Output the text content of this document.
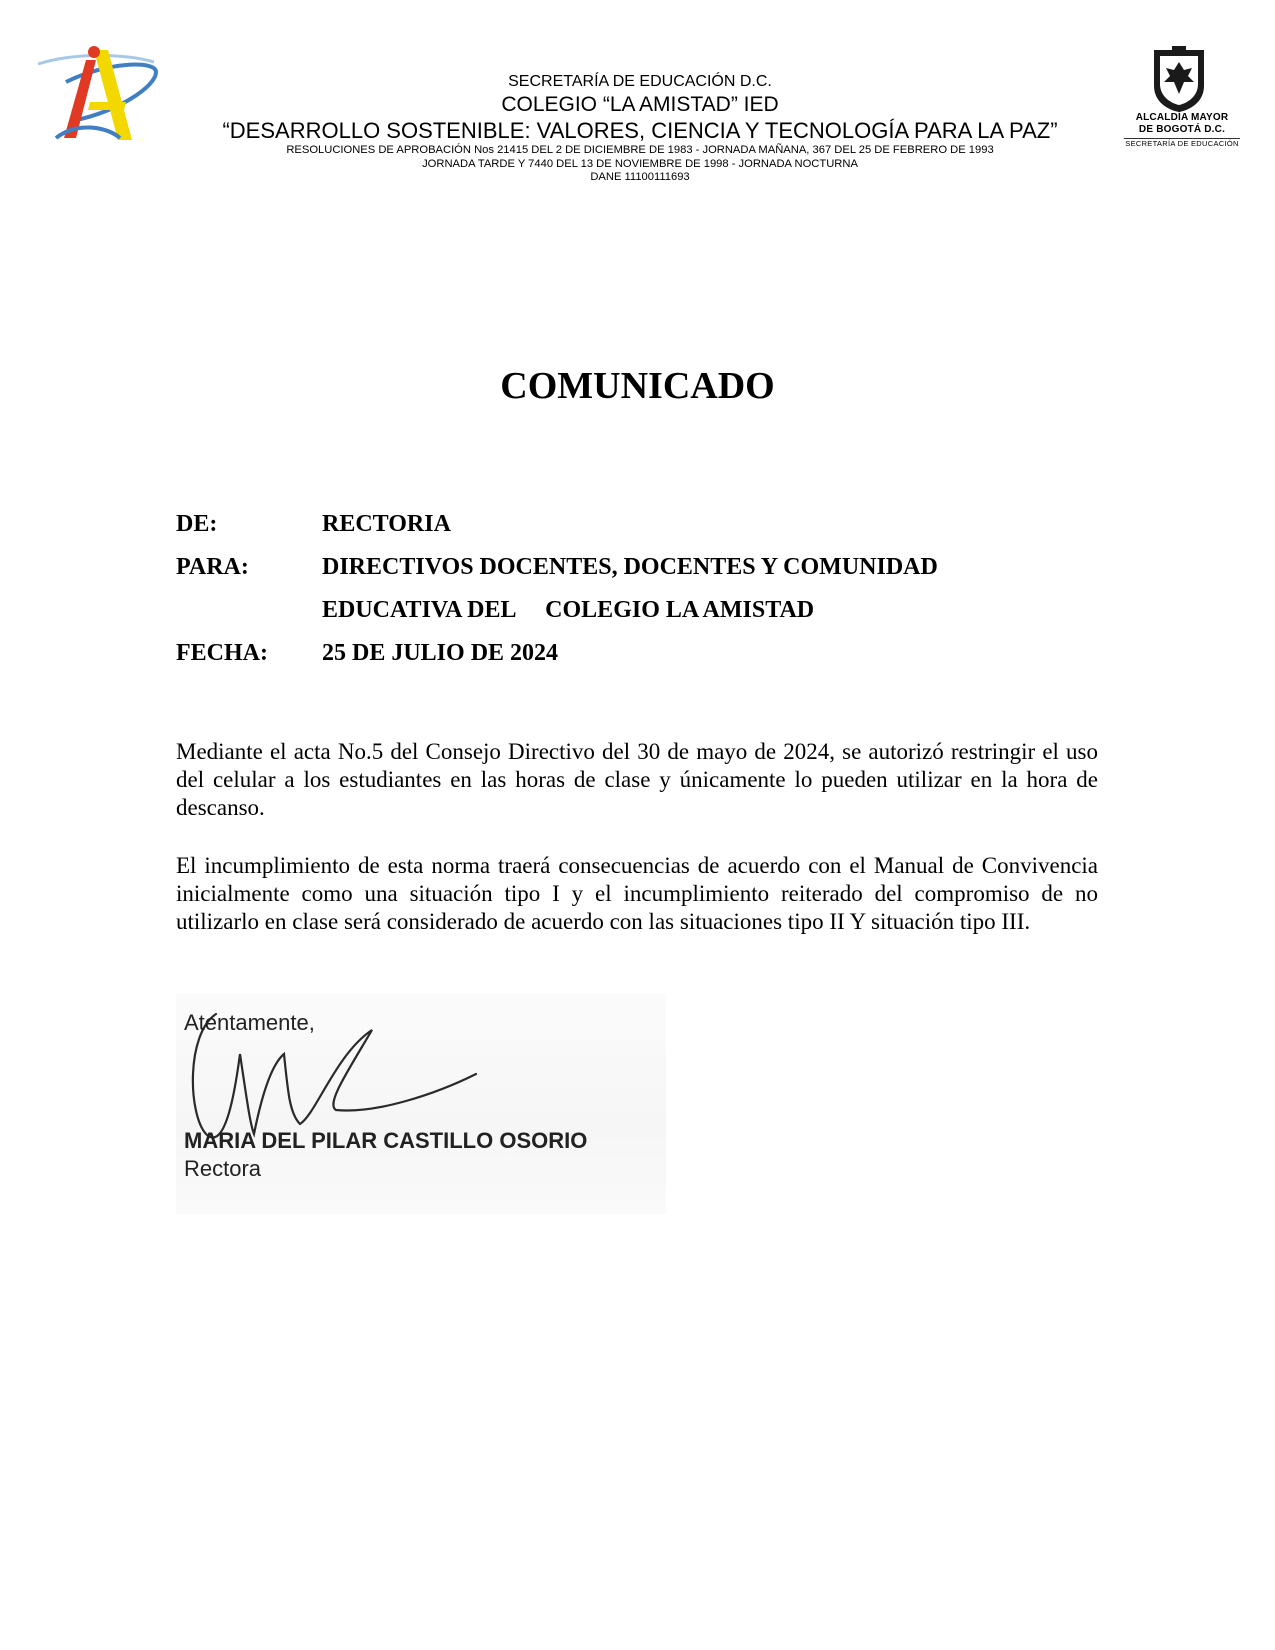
SECRETARÍA DE EDUCACIÓN D.C.
COLEGIO “LA AMISTAD” IED
“DESARROLLO SOSTENIBLE: VALORES, CIENCIA Y TECNOLOGÍA PARA LA PAZ”
RESOLUCIONES DE APROBACIÓN Nos 21415 DEL 2 DE DICIEMBRE DE 1983 - JORNADA MAÑANA, 367 DEL 25 DE FEBRERO DE 1993
JORNADA TARDE Y 7440 DEL 13 DE NOVIEMBRE DE 1998 - JORNADA NOCTURNA
DANE 11100111693
ALCALDÍA MAYOR
DE BOGOTÁ D.C.
SECRETARÍA DE EDUCACIÓN
COMUNICADO
DE:	RECTORIA
PARA:	DIRECTIVOS DOCENTES, DOCENTES Y COMUNIDAD
EDUCATIVA DEL     COLEGIO LA AMISTAD
FECHA:	25 DE JULIO DE 2024

Mediante el acta No.5 del Consejo Directivo del 30 de mayo de 2024, se autorizó restringir el uso del celular a los estudiantes en las horas de clase y únicamente lo pueden utilizar en la hora de descanso.

El incumplimiento de esta norma traerá consecuencias de acuerdo con el Manual de Convivencia inicialmente como una situación tipo I y el incumplimiento reiterado del compromiso de no utilizarlo en clase será considerado de acuerdo con las situaciones tipo II Y situación tipo III.

Atentamente,
MARIA DEL PILAR CASTILLO OSORIO
Rectora
